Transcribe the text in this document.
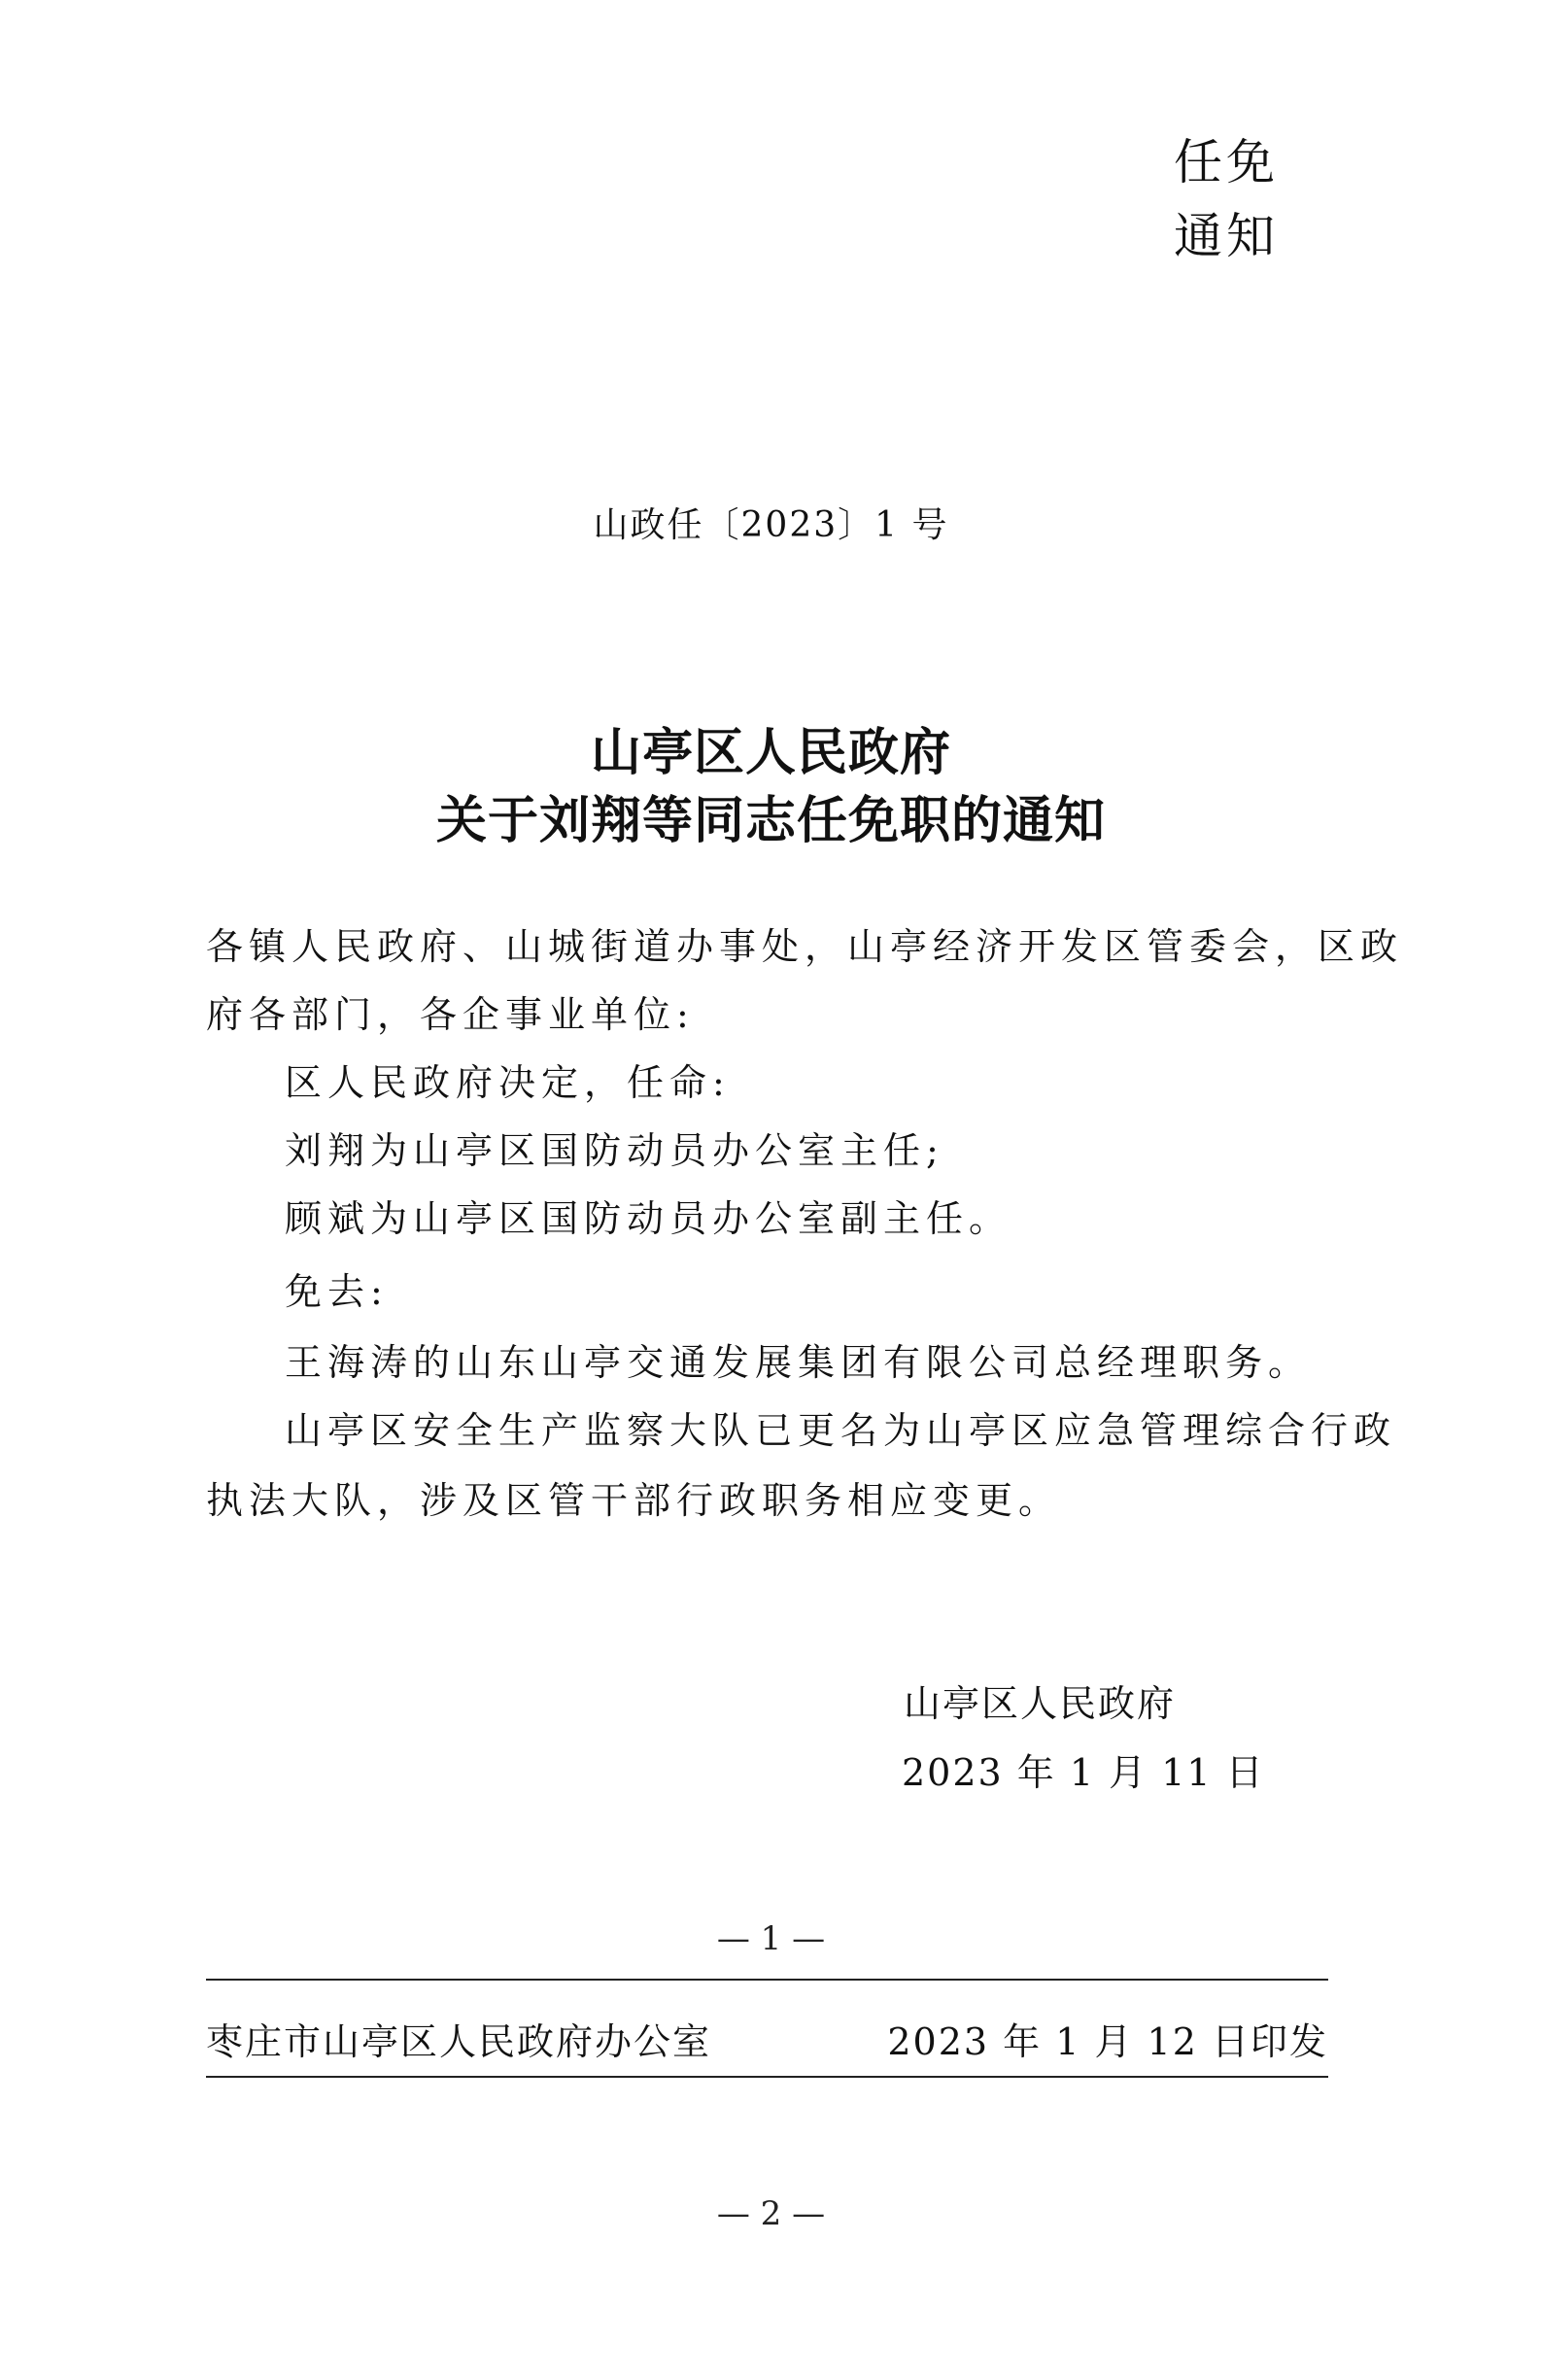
任免
通知
山政任〔2023〕1 号
山亭区人民政府
关于刘翔等同志任免职的通知
各镇人民政府、山城街道办事处，山亭经济开发区管委会，区政
府各部门，各企事业单位:
区人民政府决定，任命:
刘翔为山亭区国防动员办公室主任;
顾斌为山亭区国防动员办公室副主任。
免去:
王海涛的山东山亭交通发展集团有限公司总经理职务。
山亭区安全生产监察大队已更名为山亭区应急管理综合行政
执法大队，涉及区管干部行政职务相应变更。
山亭区人民政府
2023 年 1 月 11 日
— 1 —
枣庄市山亭区人民政府办公室	2023 年 1 月 12 日印发
— 2 —
